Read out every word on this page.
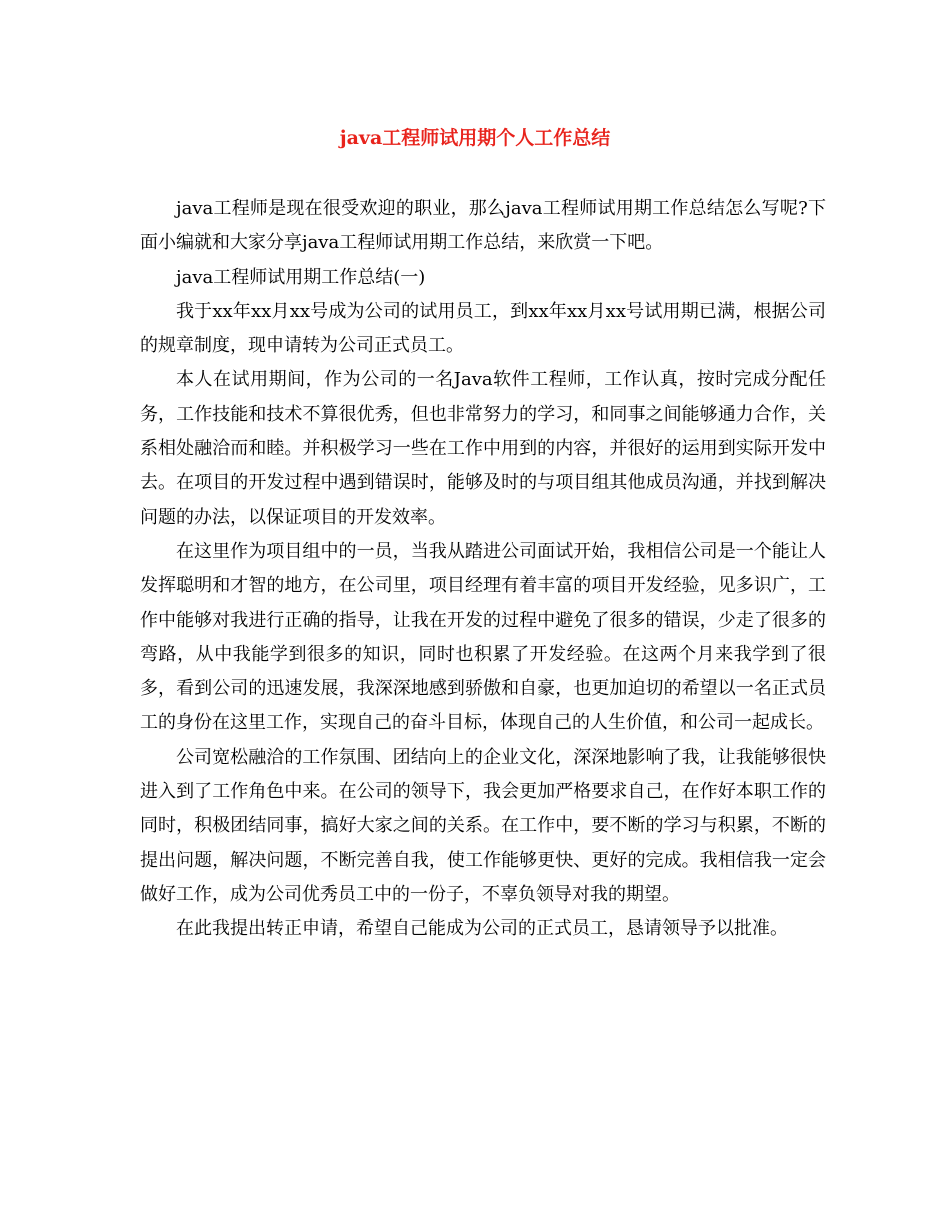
java工程师试用期个人工作总结

java工程师是现在很受欢迎的职业，那么java工程师试用期工作总结怎么写呢?下面小编就和大家分享java工程师试用期工作总结，来欣赏一下吧。

java工程师试用期工作总结(一)

我于xx年xx月xx号成为公司的试用员工，到xx年xx月xx号试用期已满，根据公司的规章制度，现申请转为公司正式员工。

本人在试用期间，作为公司的一名Java软件工程师，工作认真，按时完成分配任务，工作技能和技术不算很优秀，但也非常努力的学习，和同事之间能够通力合作，关系相处融洽而和睦。并积极学习一些在工作中用到的内容，并很好的运用到实际开发中去。在项目的开发过程中遇到错误时，能够及时的与项目组其他成员沟通，并找到解决问题的办法，以保证项目的开发效率。

在这里作为项目组中的一员，当我从踏进公司面试开始，我相信公司是一个能让人发挥聪明和才智的地方，在公司里，项目经理有着丰富的项目开发经验，见多识广，工作中能够对我进行正确的指导，让我在开发的过程中避免了很多的错误，少走了很多的弯路，从中我能学到很多的知识，同时也积累了开发经验。在这两个月来我学到了很多，看到公司的迅速发展，我深深地感到骄傲和自豪，也更加迫切的希望以一名正式员工的身份在这里工作，实现自己的奋斗目标，体现自己的人生价值，和公司一起成长。

公司宽松融洽的工作氛围、团结向上的企业文化，深深地影响了我，让我能够很快进入到了工作角色中来。在公司的领导下，我会更加严格要求自己，在作好本职工作的同时，积极团结同事，搞好大家之间的关系。在工作中，要不断的学习与积累，不断的提出问题，解决问题，不断完善自我，使工作能够更快、更好的完成。我相信我一定会做好工作，成为公司优秀员工中的一份子，不辜负领导对我的期望。

在此我提出转正申请，希望自己能成为公司的正式员工，恳请领导予以批准。
